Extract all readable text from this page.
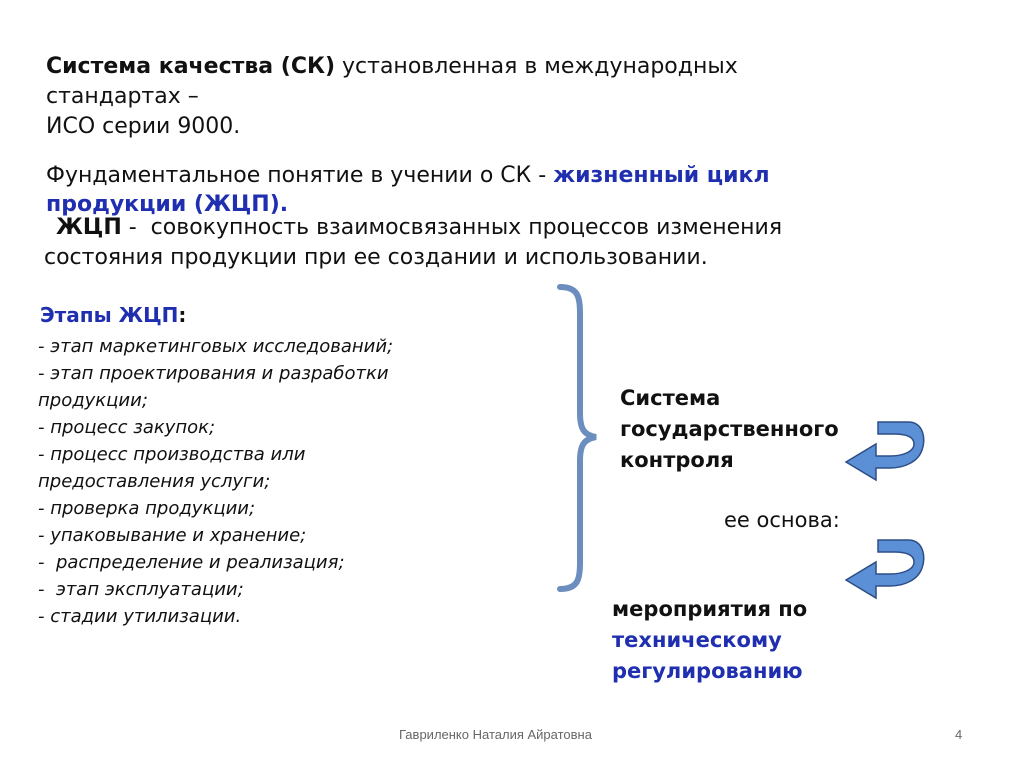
Система качества (СК) установленная в международных
стандартах –
ИСО серии 9000.
Фундаментальное понятие в учении о СК - жизненный цикл
продукции (ЖЦП).
ЖЦП -  совокупность взаимосвязанных процессов изменения
состояния продукции при ее создании и использовании.
Этапы ЖЦП:
- этап маркетинговых исследований;
- этап проектирования и разработки
продукции;
- процесс закупок;
- процесс производства или
предоставления услуги;
- проверка продукции;
- упаковывание и хранение;
-  распределение и реализация;
-  этап эксплуатации;
- стадии утилизации.
Система
государственного
контроля
ее основа:
мероприятия по
техническому
регулированию
Гавриленко Наталия Айратовна	4
